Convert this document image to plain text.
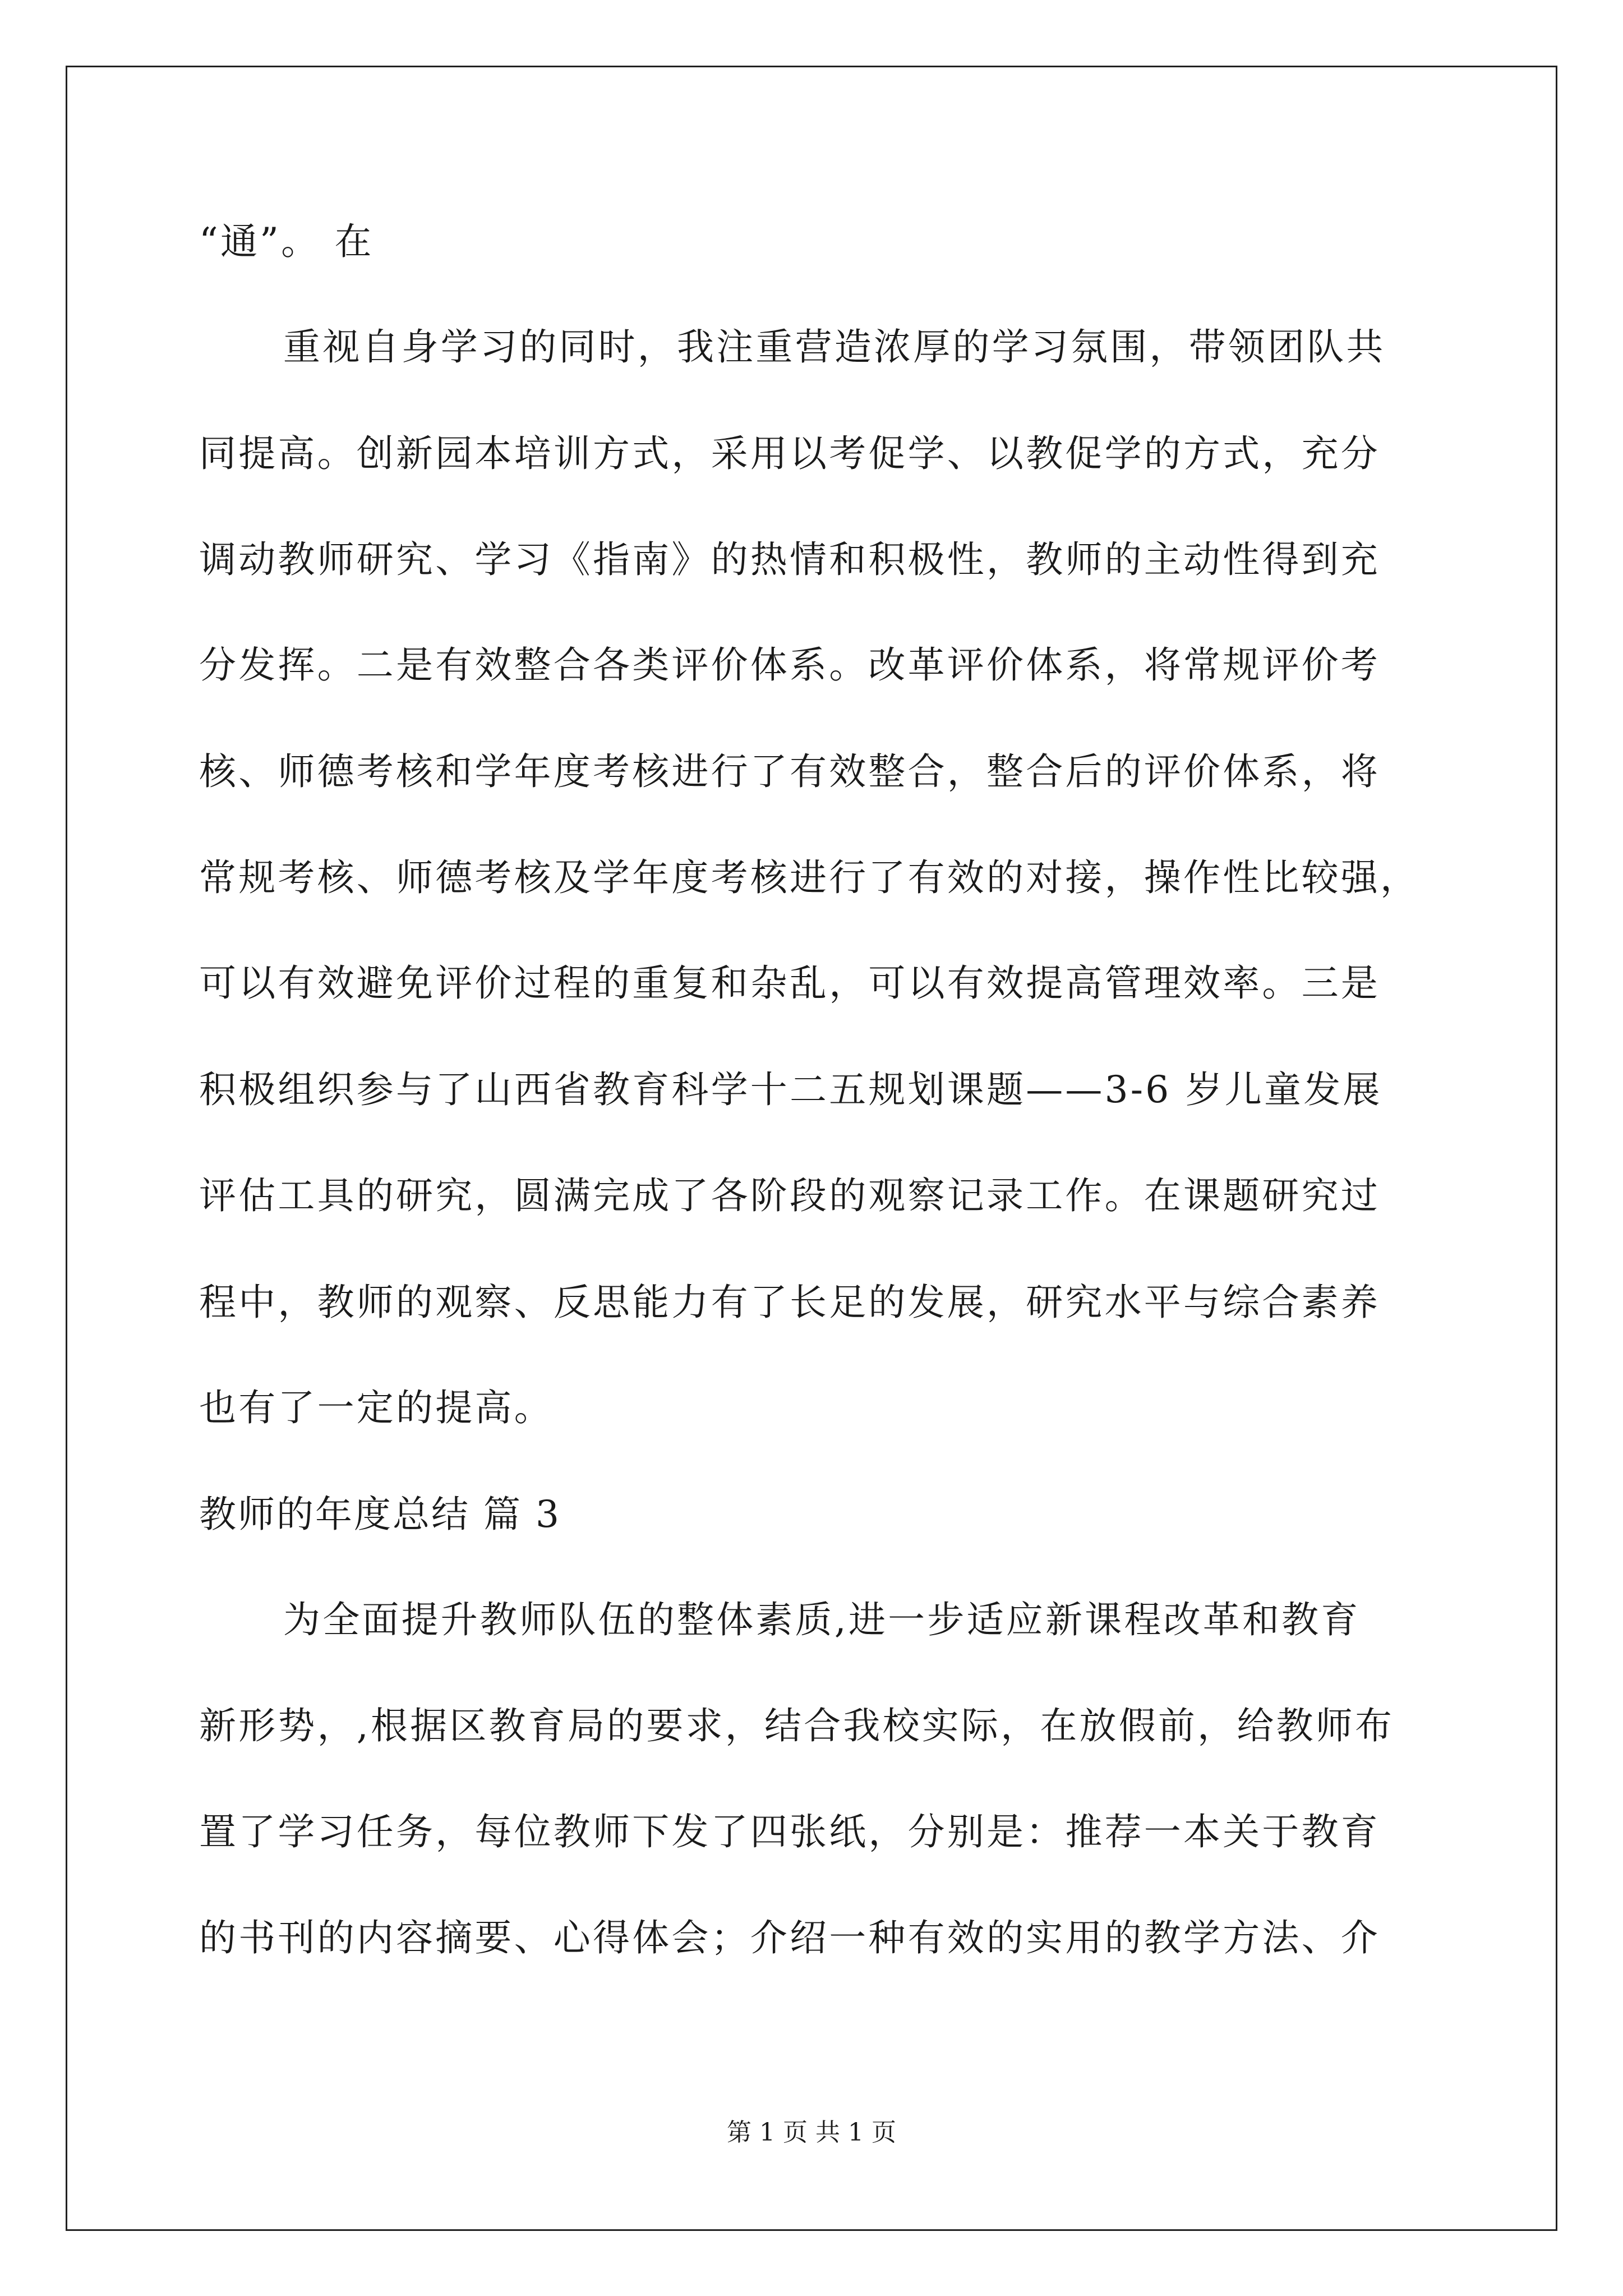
“通”。 在
重视自身学习的同时，我注重营造浓厚的学习氛围，带领团队共
同提高。创新园本培训方式，采用以考促学、以教促学的方式，充分
调动教师研究、学习《指南》的热情和积极性，教师的主动性得到充
分发挥。二是有效整合各类评价体系。改革评价体系，将常规评价考
核、师德考核和学年度考核进行了有效整合，整合后的评价体系，将
常规考核、师德考核及学年度考核进行了有效的对接，操作性比较强，
可以有效避免评价过程的重复和杂乱，可以有效提高管理效率。三是
积极组织参与了山西省教育科学十二五规划课题——3-6 岁儿童发展
评估工具的研究，圆满完成了各阶段的观察记录工作。在课题研究过
程中，教师的观察、反思能力有了长足的发展，研究水平与综合素养
也有了一定的提高。
教师的年度总结 篇 3
为全面提升教师队伍的整体素质,进一步适应新课程改革和教育
新形势，,根据区教育局的要求，结合我校实际，在放假前，给教师布
置了学习任务，每位教师下发了四张纸，分别是：推荐一本关于教育
的书刊的内容摘要、心得体会；介绍一种有效的实用的教学方法、介
第 1 页 共 1 页
